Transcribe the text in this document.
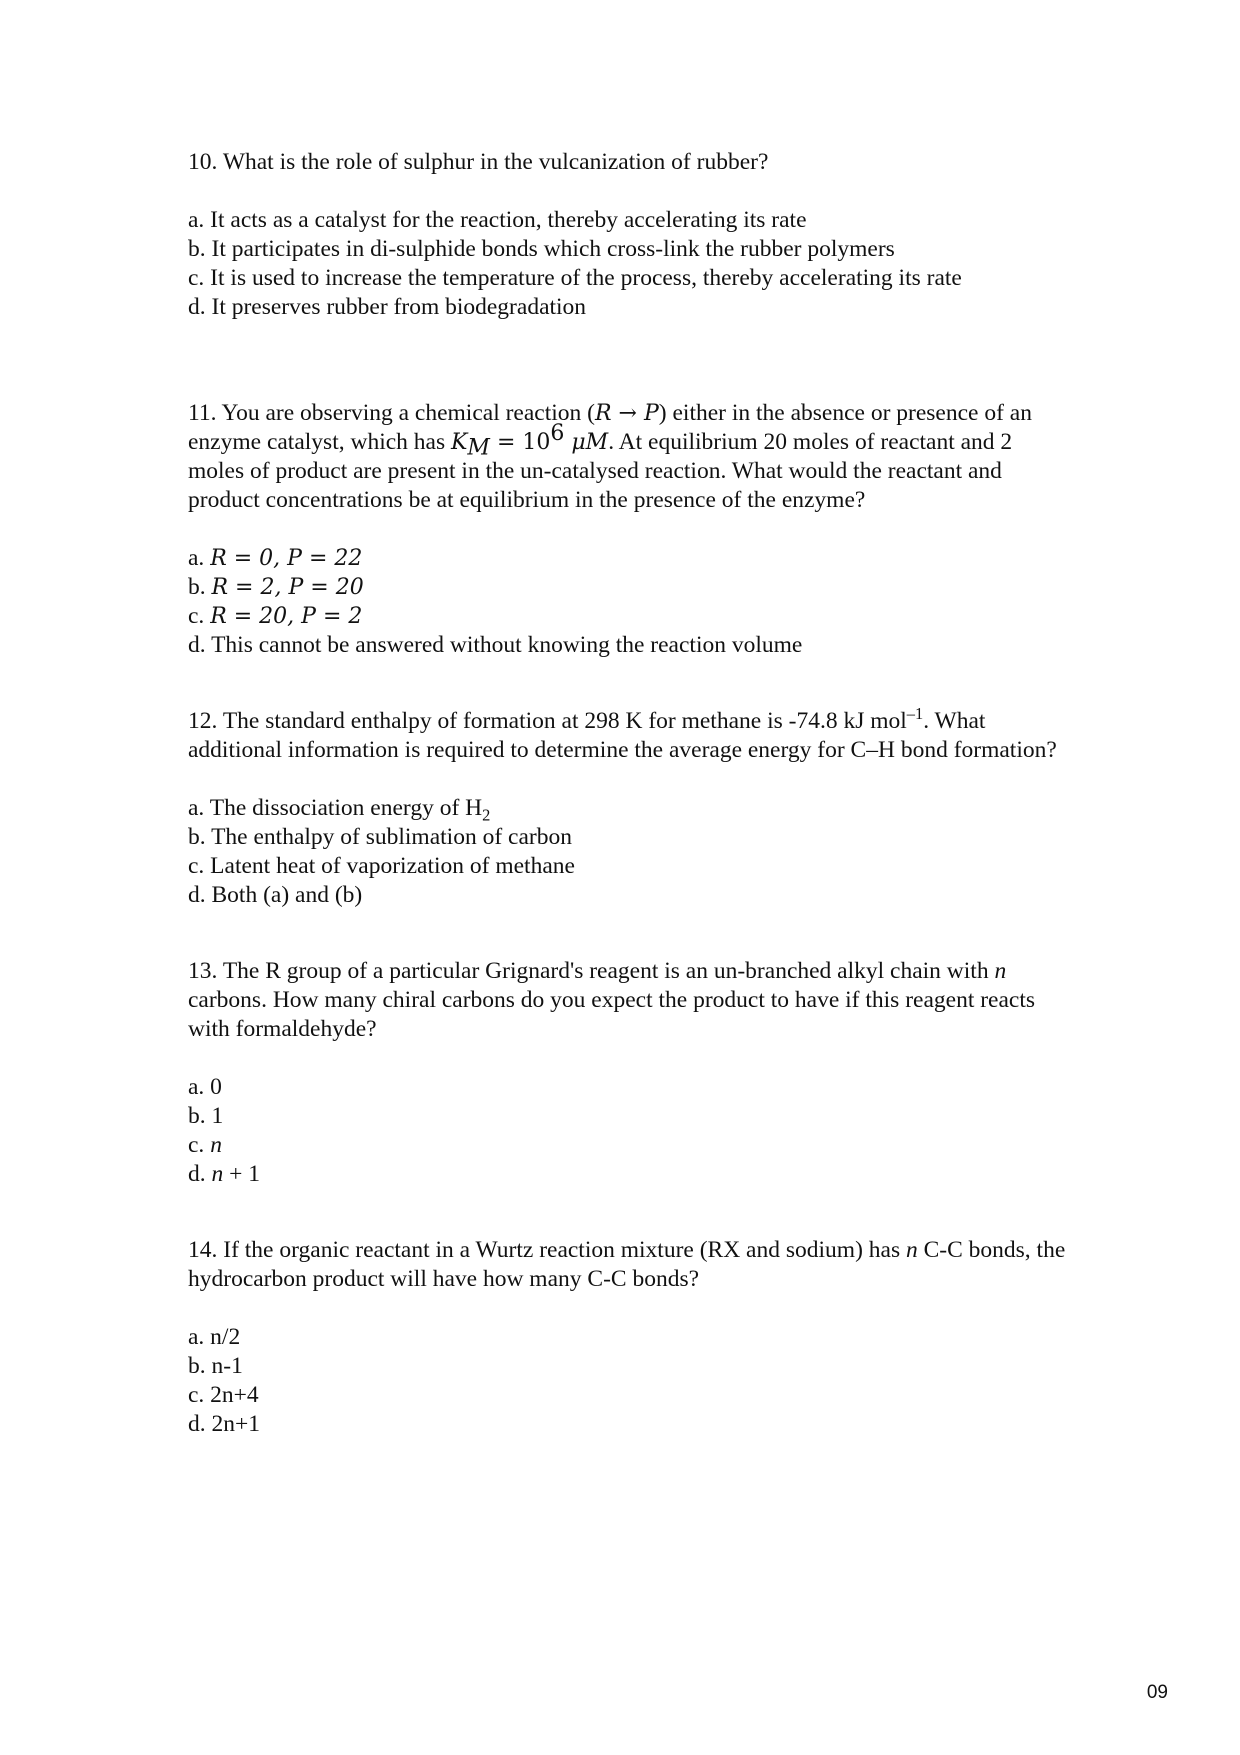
10. What is the role of sulphur in the vulcanization of rubber?

a. It acts as a catalyst for the reaction, thereby accelerating its rate
b. It participates in di-sulphide bonds which cross-link the rubber polymers
c. It is used to increase the temperature of the process, thereby accelerating its rate
d. It preserves rubber from biodegradation

11. You are observing a chemical reaction (R → P) either in the absence or presence of an enzyme catalyst, which has $K_M = 10^6$ μM. At equilibrium 20 moles of reactant and 2 moles of product are present in the un-catalysed reaction. What would the reactant and product concentrations be at equilibrium in the presence of the enzyme?

a. R = 0, P = 22
b. R = 2, P = 20
c. R = 20, P = 2
d. This cannot be answered without knowing the reaction volume

12. The standard enthalpy of formation at 298 K for methane is -74.8 kJ mol$^{-1}$. What additional information is required to determine the average energy for C–H bond formation?

a. The dissociation energy of $H_2$
b. The enthalpy of sublimation of carbon
c. Latent heat of vaporization of methane
d. Both (a) and (b)

13. The R group of a particular Grignard's reagent is an un-branched alkyl chain with n carbons. How many chiral carbons do you expect the product to have if this reagent reacts with formaldehyde?

a. 0
b. 1
c. n
d. n + 1

14. If the organic reactant in a Wurtz reaction mixture (RX and sodium) has n C-C bonds, the hydrocarbon product will have how many C-C bonds?

a. n/2
b. n-1
c. 2n+4
d. 2n+1
09
